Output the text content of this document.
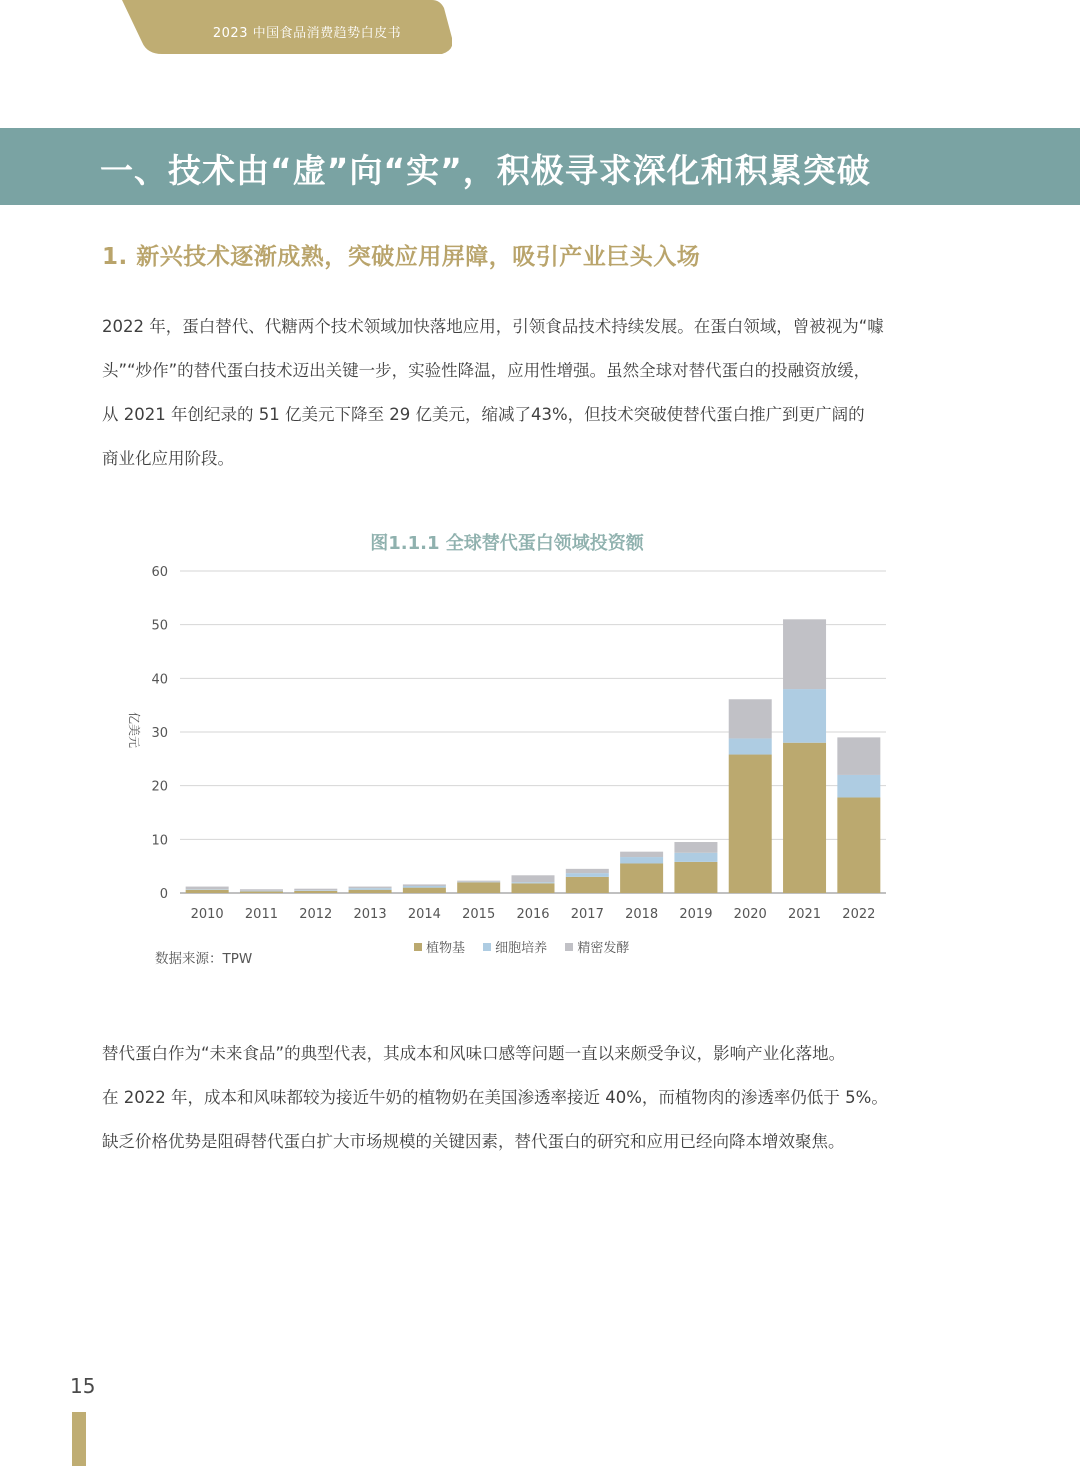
2023 中国食品消费趋势白皮书
一、技术由“虚”向“实”，积极寻求深化和积累突破
1. 新兴技术逐渐成熟，突破应用屏障，吸引产业巨头入场

2022 年，蛋白替代、代糖两个技术领域加快落地应用，引领食品技术持续发展。在蛋白领域，曾被视为“噱

头”“炒作”的替代蛋白技术迈出关键一步，实验性降温，应用性增强。虽然全球对替代蛋白的投融资放缓，

从 2021 年创纪录的 51 亿美元下降至 29 亿美元，缩减了43%，但技术突破使替代蛋白推广到更广阔的

商业化应用阶段。

图1.1.1 全球替代蛋白领域投资额
0
10
20
30
40
50
60
亿美元
2010 2011 2012 2013 2014 2015 2016 2017 2018 2019 2020 2021 2022
植物基 细胞培养 精密发酵
数据来源：TPW

替代蛋白作为“未来食品”的典型代表，其成本和风味口感等问题一直以来颇受争议，影响产业化落地。

在 2022 年，成本和风味都较为接近牛奶的植物奶在美国渗透率接近 40%，而植物肉的渗透率仍低于 5%。

缺乏价格优势是阻碍替代蛋白扩大市场规模的关键因素，替代蛋白的研究和应用已经向降本增效聚焦。

15
